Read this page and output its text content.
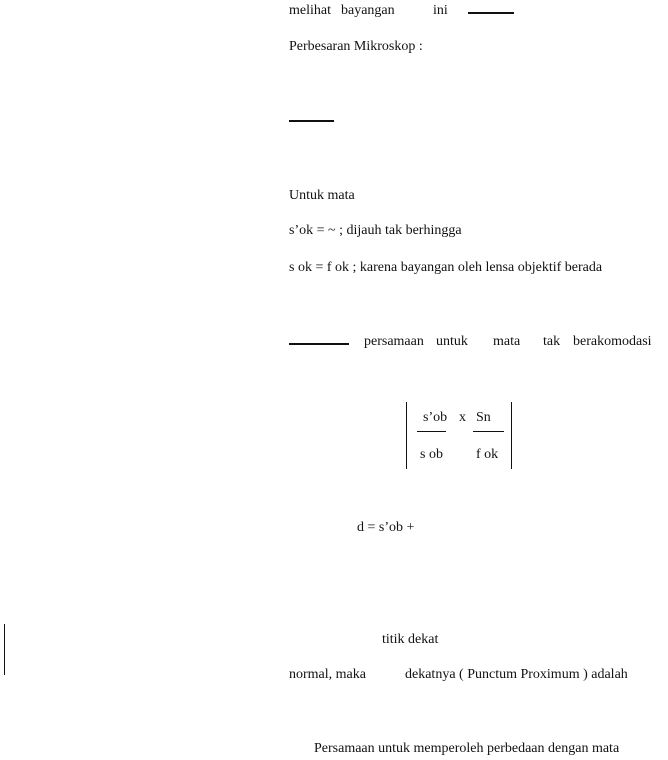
melihat bayangan	ini
Perbesaran Mikroskop :
Untuk mata
s’ok = ~ ; dijauh tak berhingga
s ok = f ok ; karena bayangan oleh lensa objektif berada
persamaan untuk mata tak berakomodasi
s’ob x Sn
s ob f ok
d = s’ob +
titik dekat
normal, maka	dekatnya ( Punctum Proximum ) adalah
Persamaan untuk memperoleh perbedaan dengan mata
